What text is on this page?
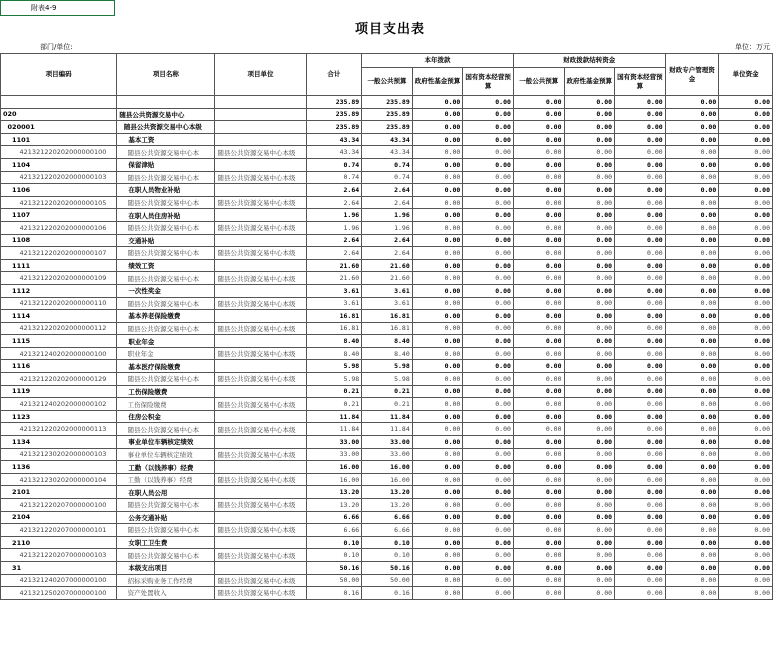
附表4-9
项目支出表
部门/单位:	单位：万元
项目编码	项目名称	项目单位	合计	本年拨款			财政拨款结转资金			财政专户管理资金	单位资金
				一般公共预算	政府性基金预算	国有资本经营预算	一般公共预算	政府性基金预算	国有资本经营预算		
			235.89	235.89	0.00	0.00	0.00	0.00	0.00	0.00	0.00
020	随县公共资源交易中心		235.89	235.89	0.00	0.00	0.00	0.00	0.00	0.00	0.00
020001	随县公共资源交易中心本级		235.89	235.89	0.00	0.00	0.00	0.00	0.00	0.00	0.00
1101	基本工资		43.34	43.34	0.00	0.00	0.00	0.00	0.00	0.00	0.00
421321220202000000100	随县公共资源交易中心本	随县公共资源交易中心本级	43.34	43.34	0.00	0.00	0.00	0.00	0.00	0.00	0.00
1104	保留津贴		0.74	0.74	0.00	0.00	0.00	0.00	0.00	0.00	0.00
421321220202000000103	随县公共资源交易中心本	随县公共资源交易中心本级	0.74	0.74	0.00	0.00	0.00	0.00	0.00	0.00	0.00
1106	在职人员物业补贴		2.64	2.64	0.00	0.00	0.00	0.00	0.00	0.00	0.00
421321220202000000105	随县公共资源交易中心本	随县公共资源交易中心本级	2.64	2.64	0.00	0.00	0.00	0.00	0.00	0.00	0.00
1107	在职人员住房补贴		1.96	1.96	0.00	0.00	0.00	0.00	0.00	0.00	0.00
421321220202000000106	随县公共资源交易中心本	随县公共资源交易中心本级	1.96	1.96	0.00	0.00	0.00	0.00	0.00	0.00	0.00
1108	交通补贴		2.64	2.64	0.00	0.00	0.00	0.00	0.00	0.00	0.00
421321220202000000107	随县公共资源交易中心本	随县公共资源交易中心本级	2.64	2.64	0.00	0.00	0.00	0.00	0.00	0.00	0.00
1111	绩效工资		21.60	21.60	0.00	0.00	0.00	0.00	0.00	0.00	0.00
421321220202000000109	随县公共资源交易中心本	随县公共资源交易中心本级	21.60	21.60	0.00	0.00	0.00	0.00	0.00	0.00	0.00
1112	一次性奖金		3.61	3.61	0.00	0.00	0.00	0.00	0.00	0.00	0.00
421321220202000000110	随县公共资源交易中心本	随县公共资源交易中心本级	3.61	3.61	0.00	0.00	0.00	0.00	0.00	0.00	0.00
1114	基本养老保险缴费		16.81	16.81	0.00	0.00	0.00	0.00	0.00	0.00	0.00
421321220202000000112	随县公共资源交易中心本	随县公共资源交易中心本级	16.81	16.81	0.00	0.00	0.00	0.00	0.00	0.00	0.00
1115	职业年金		8.40	8.40	0.00	0.00	0.00	0.00	0.00	0.00	0.00
421321240202000000100	职业年金	随县公共资源交易中心本级	8.40	8.40	0.00	0.00	0.00	0.00	0.00	0.00	0.00
1116	基本医疗保险缴费		5.98	5.98	0.00	0.00	0.00	0.00	0.00	0.00	0.00
421321220202000000129	随县公共资源交易中心本	随县公共资源交易中心本级	5.98	5.98	0.00	0.00	0.00	0.00	0.00	0.00	0.00
1119	工伤保险缴费		0.21	0.21	0.00	0.00	0.00	0.00	0.00	0.00	0.00
421321240202000000102	工伤保险缴费	随县公共资源交易中心本级	0.21	0.21	0.00	0.00	0.00	0.00	0.00	0.00	0.00
1123	住房公积金		11.84	11.84	0.00	0.00	0.00	0.00	0.00	0.00	0.00
421321220202000000113	随县公共资源交易中心本	随县公共资源交易中心本级	11.84	11.84	0.00	0.00	0.00	0.00	0.00	0.00	0.00
1134	事业单位车辆核定绩效		33.00	33.00	0.00	0.00	0.00	0.00	0.00	0.00	0.00
421321230202000000103	事业单位车辆核定绩效	随县公共资源交易中心本级	33.00	33.00	0.00	0.00	0.00	0.00	0.00	0.00	0.00
1136	工勤（以钱养事）经费		16.00	16.00	0.00	0.00	0.00	0.00	0.00	0.00	0.00
421321230202000000104	工勤（以钱养事）经费	随县公共资源交易中心本级	16.00	16.00	0.00	0.00	0.00	0.00	0.00	0.00	0.00
2101	在职人员公用		13.20	13.20	0.00	0.00	0.00	0.00	0.00	0.00	0.00
421321220207000000100	随县公共资源交易中心本	随县公共资源交易中心本级	13.20	13.20	0.00	0.00	0.00	0.00	0.00	0.00	0.00
2104	公务交通补贴		6.66	6.66	0.00	0.00	0.00	0.00	0.00	0.00	0.00
421321220207000000101	随县公共资源交易中心本	随县公共资源交易中心本级	6.66	6.66	0.00	0.00	0.00	0.00	0.00	0.00	0.00
2110	女职工卫生费		0.10	0.10	0.00	0.00	0.00	0.00	0.00	0.00	0.00
421321220207000000103	随县公共资源交易中心本	随县公共资源交易中心本级	0.10	0.10	0.00	0.00	0.00	0.00	0.00	0.00	0.00
31	本级支出项目		50.16	50.16	0.00	0.00	0.00	0.00	0.00	0.00	0.00
421321240207000000100	招标采购业务工作经费	随县公共资源交易中心本级	50.00	50.00	0.00	0.00	0.00	0.00	0.00	0.00	0.00
421321250207000000100	资产处置收入	随县公共资源交易中心本级	0.16	0.16	0.00	0.00	0.00	0.00	0.00	0.00	0.00
